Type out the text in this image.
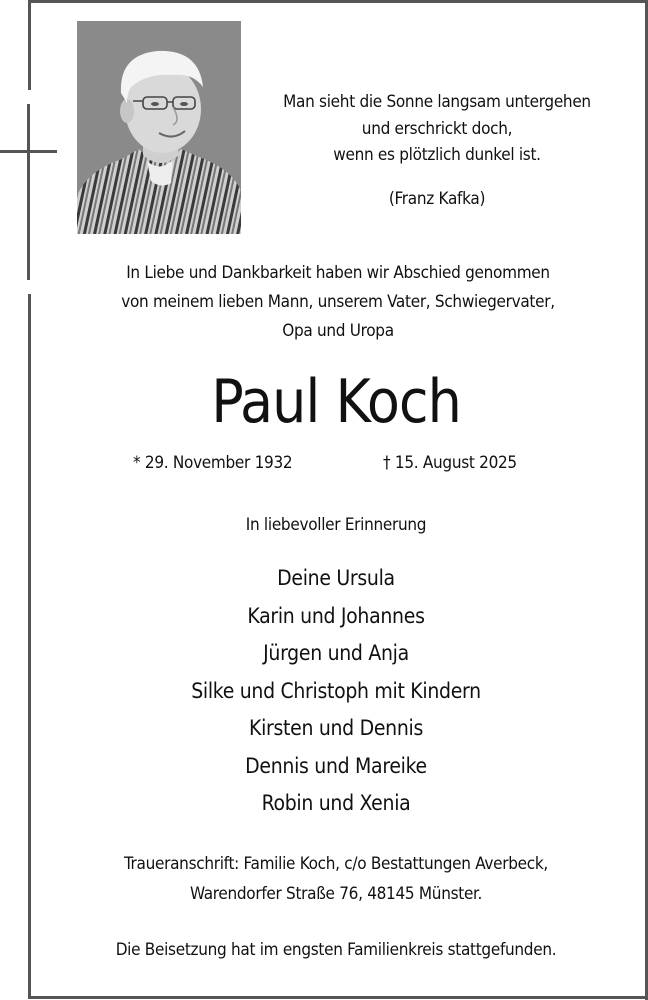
Man sieht die Sonne langsam untergehen
und erschrickt doch,
wenn es plötzlich dunkel ist.
(Franz Kafka)
In Liebe und Dankbarkeit haben wir Abschied genommen
von meinem lieben Mann, unserem Vater, Schwiegervater,
Opa und Uropa
Paul Koch
* 29. November 1932	† 15. August 2025
In liebevoller Erinnerung
Deine Ursula
Karin und Johannes
Jürgen und Anja
Silke und Christoph mit Kindern
Kirsten und Dennis
Dennis und Mareike
Robin und Xenia
Traueranschrift: Familie Koch, c/o Bestattungen Averbeck,
Warendorfer Straße 76, 48145 Münster.
Die Beisetzung hat im engsten Familienkreis stattgefunden.
